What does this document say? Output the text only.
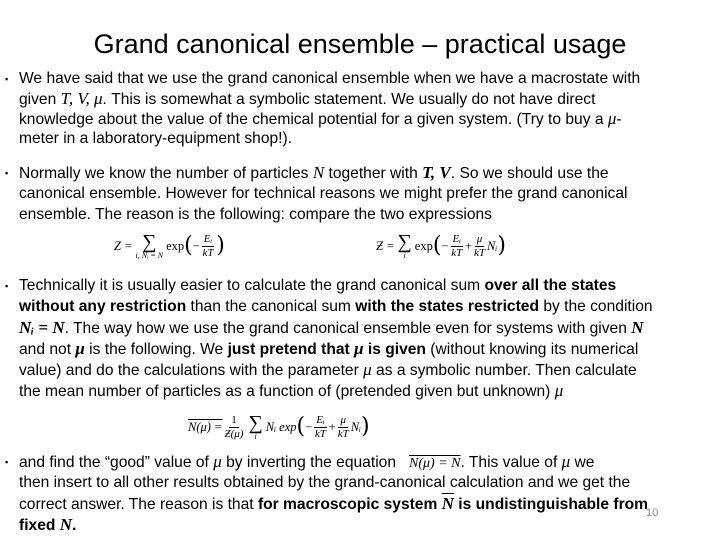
Grand canonical ensemble – practical usage
▪ We have said that we use the grand canonical ensemble when we have a macrostate with
given T, V, μ. This is somewhat a symbolic statement. We usually do not have direct
knowledge about the value of the chemical potential for a given system. (Try to buy a μ-
meter in a laboratory-equipment shop!).
▪ Normally we know the number of particles N together with T, V. So we should use the
canonical ensemble. However for technical reasons we might prefer the grand canonical
ensemble. The reason is the following: compare the two expressions
Z = ∑
i, Nᵢ = N
exp ( − $\frac{\text{Eᵢ}}{kT}$ )	Ƶ = ∑
i
exp ( − $\frac{\text{Eᵢ}}{kT} + \frac{\mu}{kT}$ Nᵢ )
▪ Technically it is usually easier to calculate the grand canonical sum over all the states
without any restriction than the canonical sum with the states restricted by the condition
Nᵢ = N. The way how we use the grand canonical ensemble even for systems with given N
and not μ is the following. We just pretend that μ is given (without knowing its numerical
value) and do the calculations with the parameter μ as a symbolic number. Then calculate
the mean number of particles as a function of (pretended given but unknown) μ
$N(\mu) = \frac{1}{Ƶ(\mu)}$ ∑
i
Nᵢ exp ( − $\frac{\text{Eᵢ}}{kT} + \frac{\mu}{kT}$ Nᵢ )
▪ and find the “good” value of μ by inverting the equation N(μ) = N. This value of μ we
then insert to all other results obtained by the grand-canonical calculation and we get the
correct answer. The reason is that for macroscopic system $\overline{N}$ is undistinguishable from
fixed N.
10
